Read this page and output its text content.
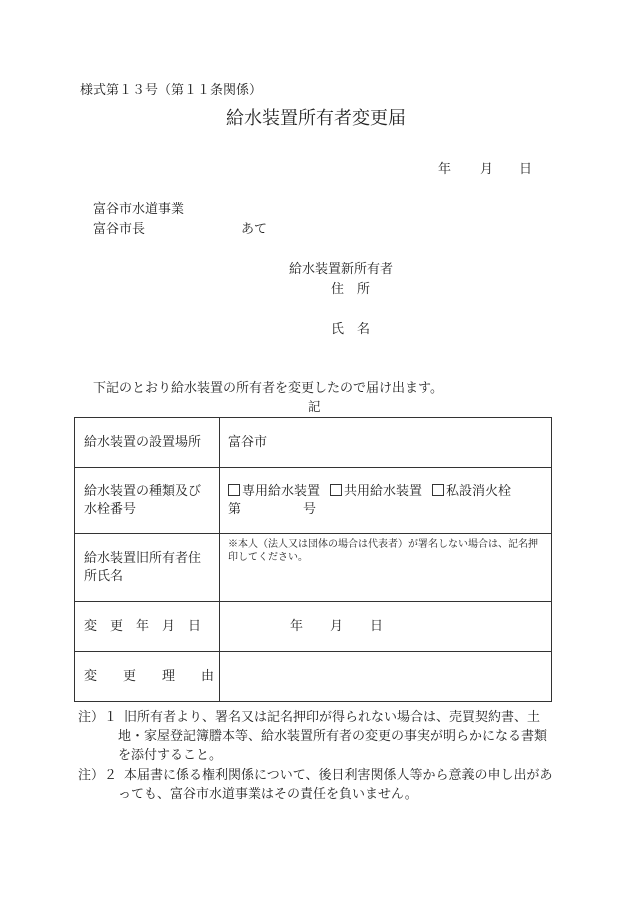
様式第１３号（第１１条関係）
給水装置所有者変更届
年 月 日
富谷市水道事業
富谷市長	あて
給水装置新所有者
住　所
氏　名
下記のとおり給水装置の所有者を変更したので届け出ます。
記
給水装置の設置場所	富谷市

給水装置の種類及び水栓番号	専用給水装置 共用給水装置 私設消火栓
第 号

給水装置旧所有者住所氏名	※本人（法人又は団体の場合は代表者）が署名しない場合は、記名押印してください。

変　更　年　月　日	年 月 日
変　　更　　理　　由	
注）１ 旧所有者より、署名又は記名押印が得られない場合は、売買契約書、土地・家屋登記簿謄本等、給水装置所有者の変更の事実が明らかになる書類を添付すること。
注）２ 本届書に係る権利関係について、後日利害関係人等から意義の申し出があっても、富谷市水道事業はその責任を負いません。
